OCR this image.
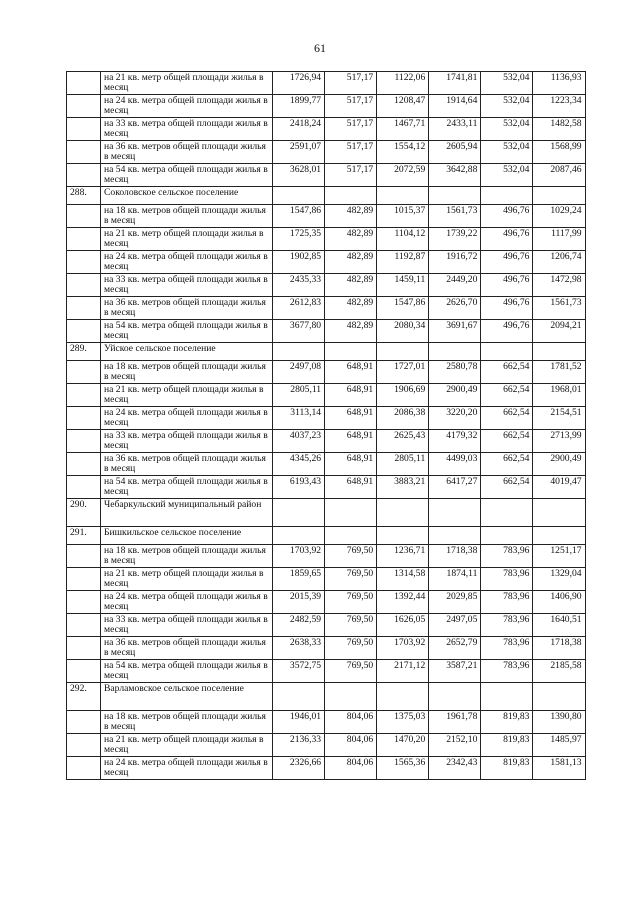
61
	на 21 кв. метр общей площади жилья в месяц	1726,94	517,17	1122,06	1741,81	532,04	1136,93
	на 24 кв. метра общей площади жилья в месяц	1899,77	517,17	1208,47	1914,64	532,04	1223,34
	на 33 кв. метра общей площади жилья в месяц	2418,24	517,17	1467,71	2433,11	532,04	1482,58
	на 36 кв. метров общей площади жилья в месяц	2591,07	517,17	1554,12	2605,94	532,04	1568,99
	на 54 кв. метра общей площади жилья в месяц	3628,01	517,17	2072,59	3642,88	532,04	2087,46
288.	Соколовское сельское поселение						
	на 18 кв. метров общей площади жилья в месяц	1547,86	482,89	1015,37	1561,73	496,76	1029,24
	на 21 кв. метр общей площади жилья в месяц	1725,35	482,89	1104,12	1739,22	496,76	1117,99
	на 24 кв. метра общей площади жилья в месяц	1902,85	482,89	1192,87	1916,72	496,76	1206,74
	на 33 кв. метра общей площади жилья в месяц	2435,33	482,89	1459,11	2449,20	496,76	1472,98
	на 36 кв. метров общей площади жилья в месяц	2612,83	482,89	1547,86	2626,70	496,76	1561,73
	на 54 кв. метра общей площади жилья в месяц	3677,80	482,89	2080,34	3691,67	496,76	2094,21
289.	Уйское сельское поселение						
	на 18 кв. метров общей площади жилья в месяц	2497,08	648,91	1727,01	2580,78	662,54	1781,52
	на 21 кв. метр общей площади жилья в месяц	2805,11	648,91	1906,69	2900,49	662,54	1968,01
	на 24 кв. метра общей площади жилья в месяц	3113,14	648,91	2086,38	3220,20	662,54	2154,51
	на 33 кв. метра общей площади жилья в месяц	4037,23	648,91	2625,43	4179,32	662,54	2713,99
	на 36 кв. метров общей площади жилья в месяц	4345,26	648,91	2805,11	4499,03	662,54	2900,49
	на 54 кв. метра общей площади жилья в месяц	6193,43	648,91	3883,21	6417,27	662,54	4019,47
290.	Чебаркульский муниципальный район						
291.	Бишкильское сельское поселение						
	на 18 кв. метров общей площади жилья в месяц	1703,92	769,50	1236,71	1718,38	783,96	1251,17
	на 21 кв. метр общей площади жилья в месяц	1859,65	769,50	1314,58	1874,11	783,96	1329,04
	на 24 кв. метра общей площади жилья в месяц	2015,39	769,50	1392,44	2029,85	783,96	1406,90
	на 33 кв. метра общей площади жилья в месяц	2482,59	769,50	1626,05	2497,05	783,96	1640,51
	на 36 кв. метров общей площади жилья в месяц	2638,33	769,50	1703,92	2652,79	783,96	1718,38
	на 54 кв. метра общей площади жилья в месяц	3572,75	769,50	2171,12	3587,21	783,96	2185,58
292.	Варламовское сельское поселение						
	на 18 кв. метров общей площади жилья в месяц	1946,01	804,06	1375,03	1961,78	819,83	1390,80
	на 21 кв. метр общей площади жилья в месяц	2136,33	804,06	1470,20	2152,10	819,83	1485,97
	на 24 кв. метра общей площади жилья в месяц	2326,66	804,06	1565,36	2342,43	819,83	1581,13
